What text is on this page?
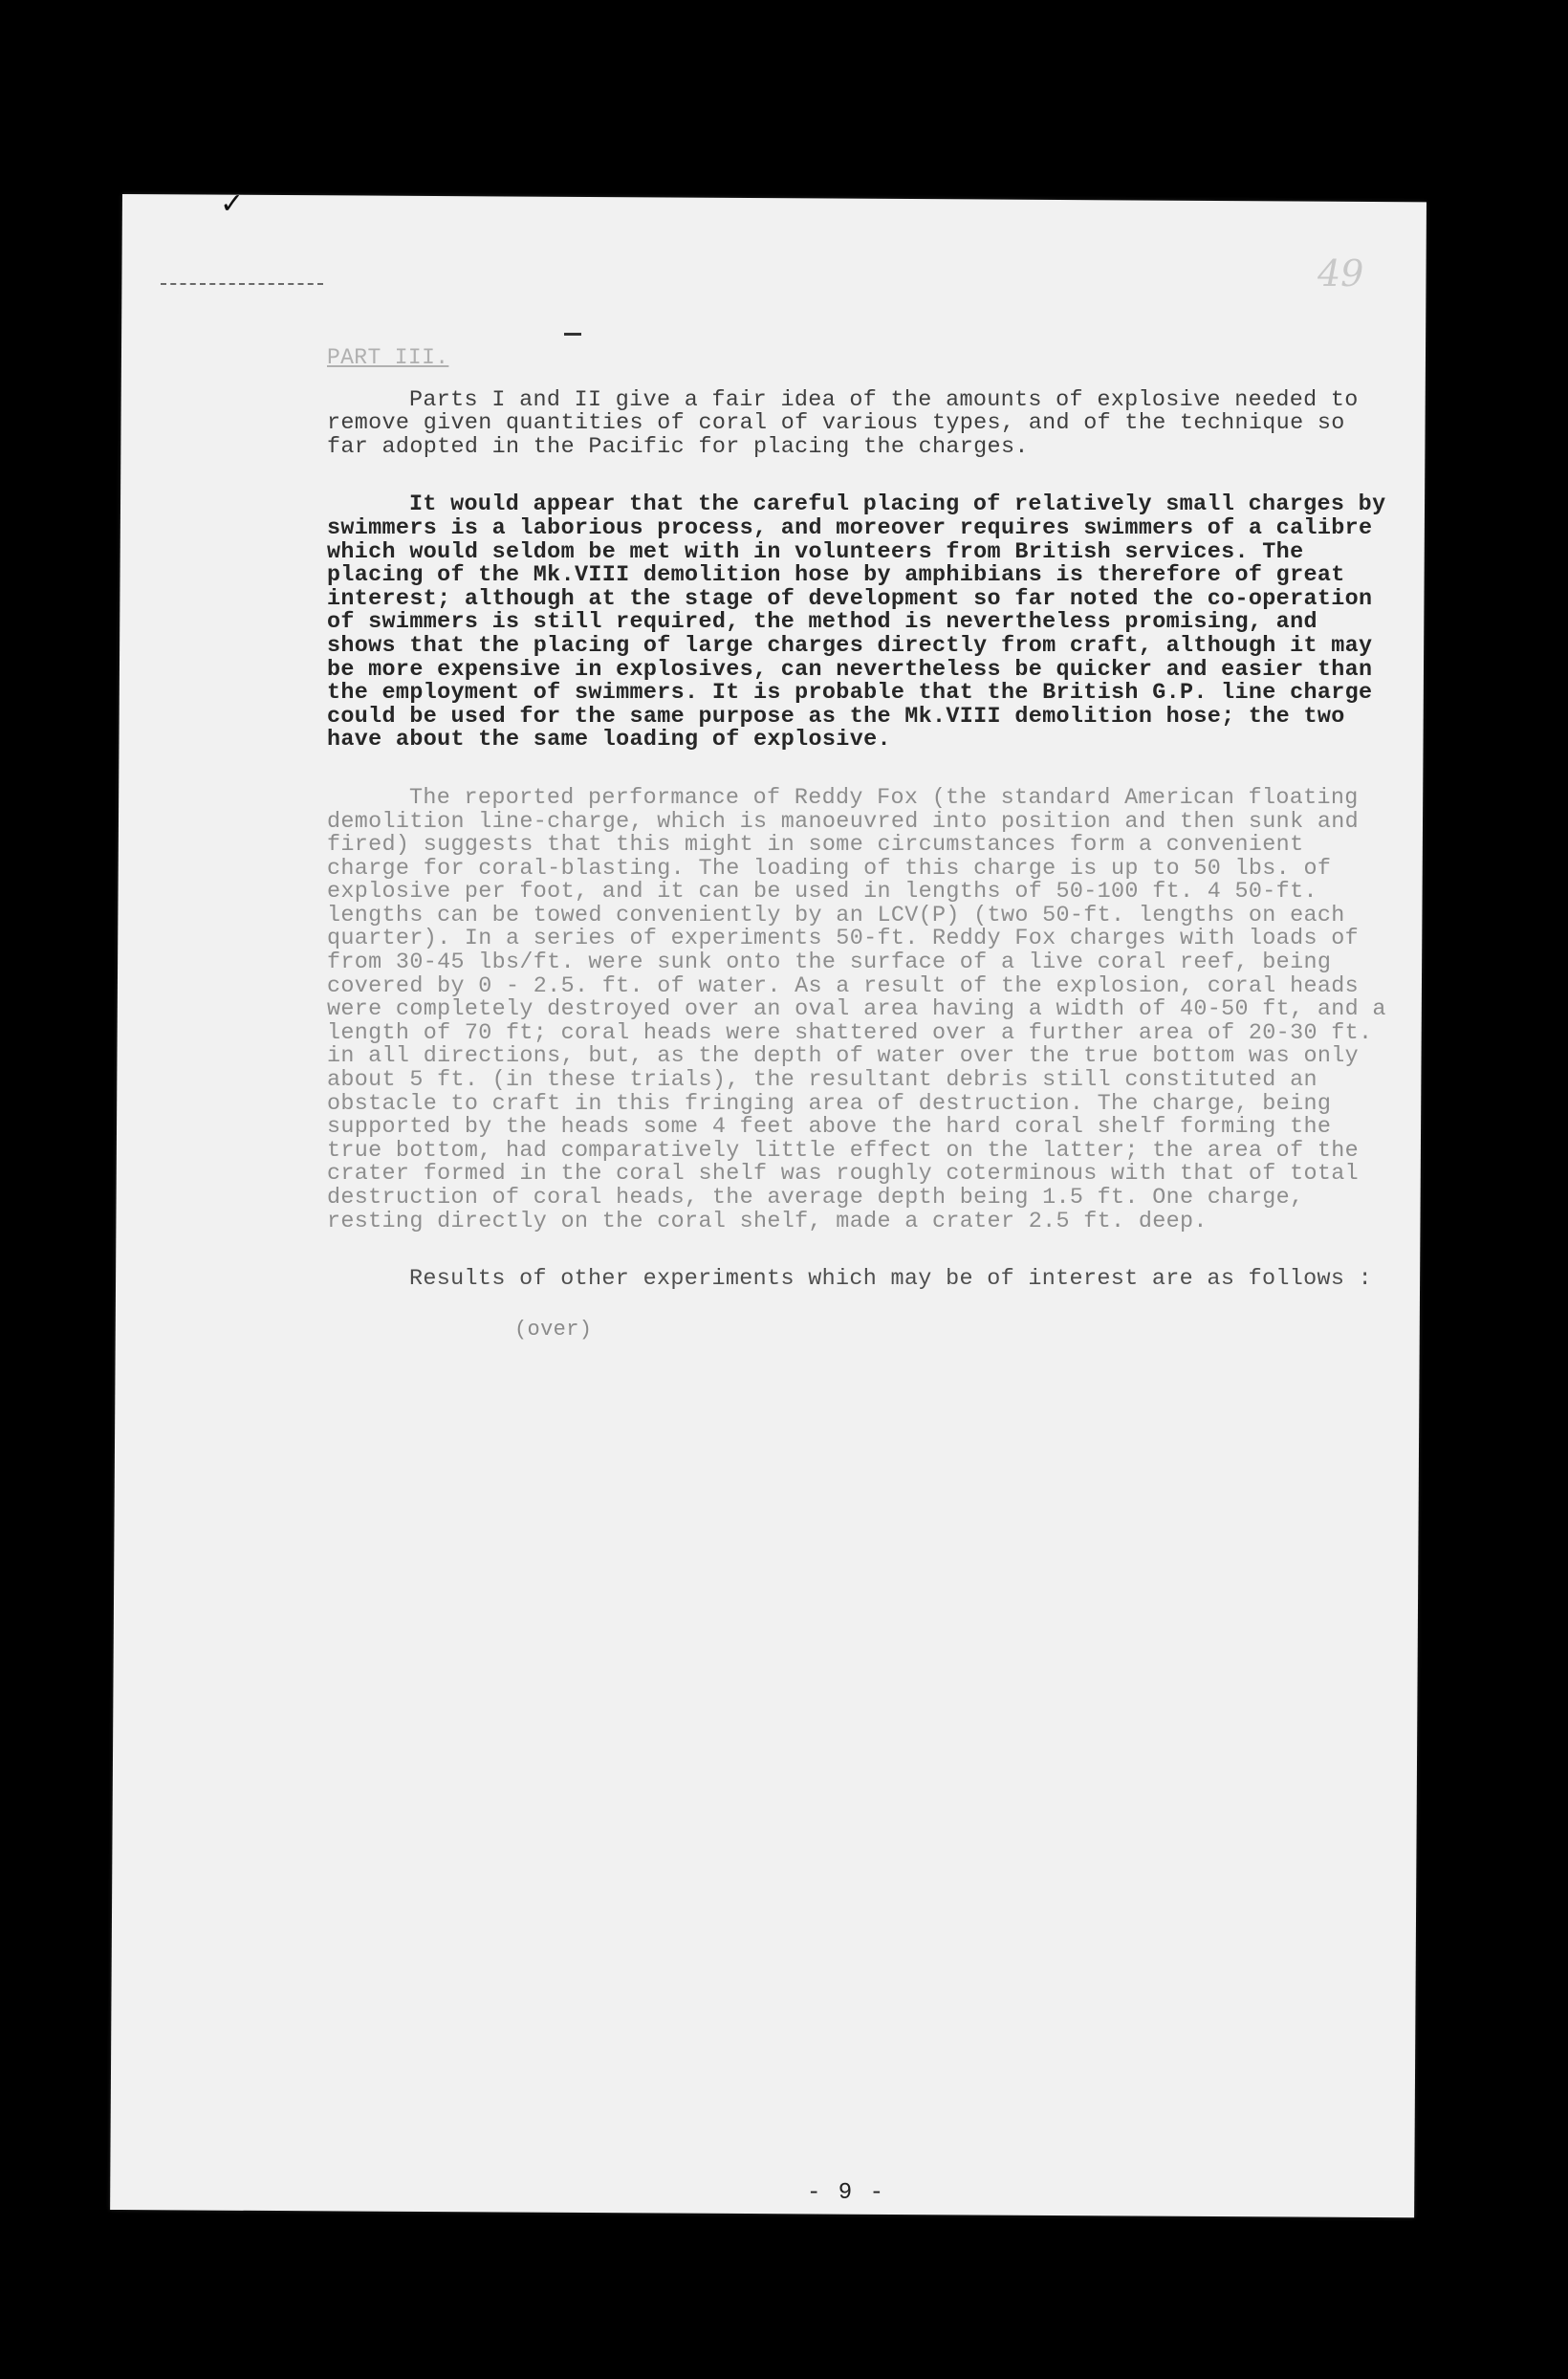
✓
49
PART III.

Parts I and II give a fair idea of the amounts of explosive needed to remove given quantities of coral of various types, and of the technique so far adopted in the Pacific for placing the charges.

It would appear that the careful placing of relatively small charges by swimmers is a laborious process, and moreover requires swimmers of a calibre which would seldom be met with in volunteers from British services. The placing of the Mk.VIII demolition hose by amphibians is therefore of great interest; although at the stage of development so far noted the co-operation of swimmers is still required, the method is nevertheless promising, and shows that the placing of large charges directly from craft, although it may be more expensive in explosives, can nevertheless be quicker and easier than the employment of swimmers. It is probable that the British G.P. line charge could be used for the same purpose as the Mk.VIII demolition hose; the two have about the same loading of explosive.

The reported performance of Reddy Fox (the standard American floating demolition line-charge, which is manoeuvred into position and then sunk and fired) suggests that this might in some circumstances form a convenient charge for coral-blasting. The loading of this charge is up to 50 lbs. of explosive per foot, and it can be used in lengths of 50-100 ft. 4 50-ft. lengths can be towed conveniently by an LCV(P) (two 50-ft. lengths on each quarter). In a series of experiments 50-ft. Reddy Fox charges with loads of from 30-45 lbs/ft. were sunk onto the surface of a live coral reef, being covered by 0 - 2.5. ft. of water. As a result of the explosion, coral heads were completely destroyed over an oval area having a width of 40-50 ft, and a length of 70 ft; coral heads were shattered over a further area of 20-30 ft. in all directions, but, as the depth of water over the true bottom was only about 5 ft. (in these trials), the resultant debris still constituted an obstacle to craft in this fringing area of destruction. The charge, being supported by the heads some 4 feet above the hard coral shelf forming the true bottom, had comparatively little effect on the latter; the area of the crater formed in the coral shelf was roughly coterminous with that of total destruction of coral heads, the average depth being 1.5 ft. One charge, resting directly on the coral shelf, made a crater 2.5 ft. deep.

Results of other experiments which may be of interest are as follows :

(over)
- 9 -
